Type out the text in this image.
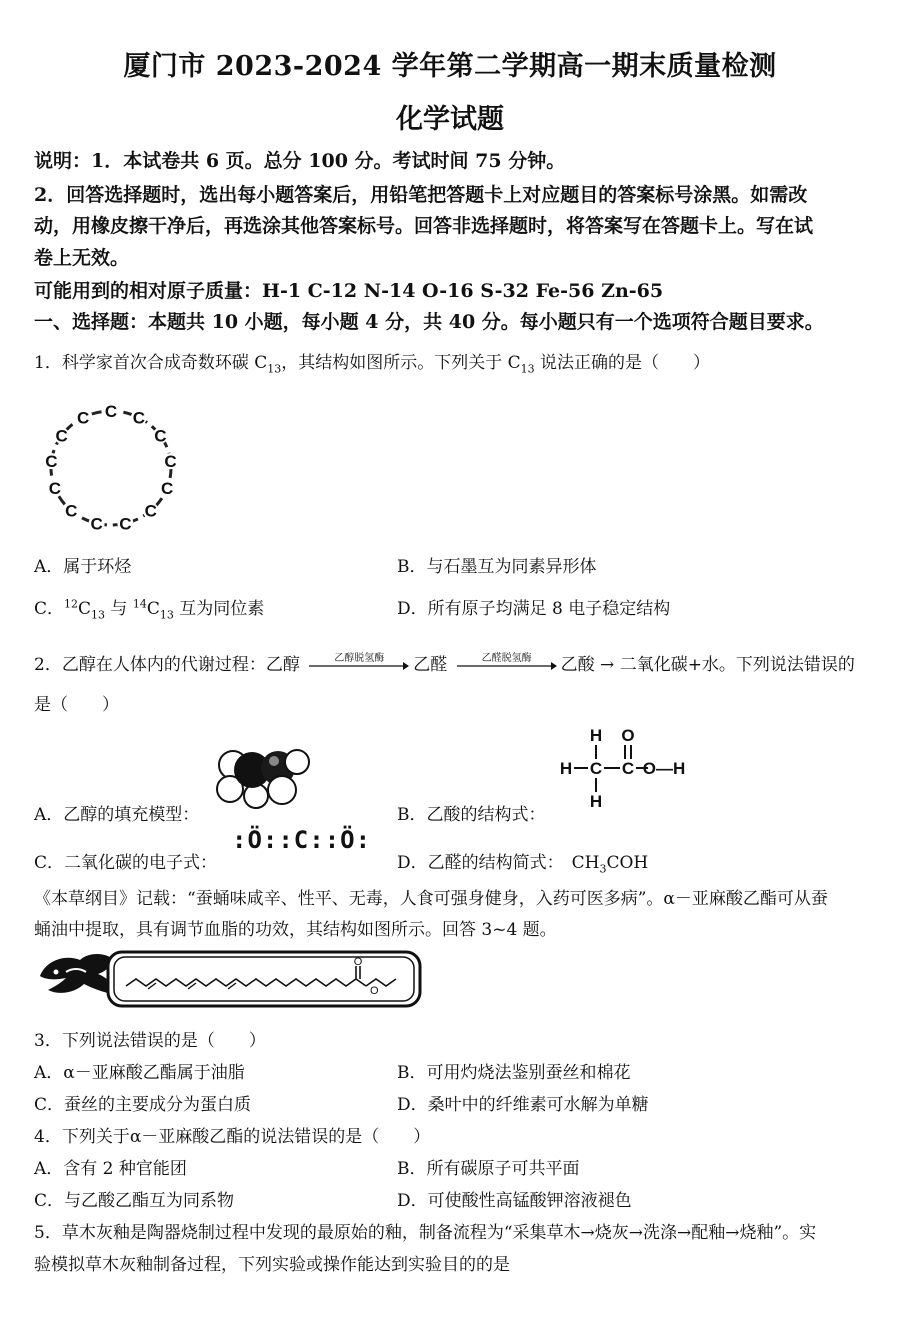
厦门市 2023-2024 学年第二学期高一期末质量检测
化学试题
说明：1．本试卷共 6 页。总分 100 分。考试时间 75 分钟。
2．回答选择题时，选出每小题答案后，用铅笔把答题卡上对应题目的答案标号涂黑。如需改
动，用橡皮擦干净后，再选涂其他答案标号。回答非选择题时，将答案写在答题卡上。写在试
卷上无效。
可能用到的相对原子质量：H-1 C-12 N-14 O-16 S-32 Fe-56 Zn-65
一、选择题：本题共 10 小题，每小题 4 分，共 40 分。每小题只有一个选项符合题目要求。
1．科学家首次合成奇数环碳 $C_{13}$，其结构如图所示。下列关于 $C_{13}$ 说法正确的是（　　）
C C
C
C
C
C
C
C
C
C
C
C
C
A．属于环烃	B．与石墨互为同素异形体
C．$^{12}C_{13}$ 与 $^{14}C_{13}$ 互为同位素	D．所有原子均满足 8 电子稳定结构
2．乙醇在人体内的代谢过程：乙醇	乙醇脱氢酶	乙醛	乙醛脱氢酶	乙酸 → 二氧化碳+水。下列说法错误的
是（　　）
H
H C C
O
O—H
H
A．乙醇的填充模型：	B．乙酸的结构式：
C．二氧化碳的电子式：
:Ö::C::Ö:
D．乙醛的结构简式： $CH_3COH$
《本草纲目》记载：“蚕蛹味咸辛、性平、无毒，人食可强身健身，入药可医多病”。α－亚麻酸乙酯可从蚕
蛹油中提取，具有调节血脂的功效，其结构如图所示。回答 3~4 题。
O
O
3．下列说法错误的是（　　）
A．α－亚麻酸乙酯属于油脂	B．可用灼烧法鉴别蚕丝和棉花
C．蚕丝的主要成分为蛋白质	D．桑叶中的纤维素可水解为单糖
4．下列关于α－亚麻酸乙酯的说法错误的是（　　）
A．含有 2 种官能团	B．所有碳原子可共平面
C．与乙酸乙酯互为同系物	D．可使酸性高锰酸钾溶液褪色
5．草木灰釉是陶器烧制过程中发现的最原始的釉，制备流程为“采集草木→烧灰→洗涤→配釉→烧釉”。实
验模拟草木灰釉制备过程，下列实验或操作能达到实验目的的是
